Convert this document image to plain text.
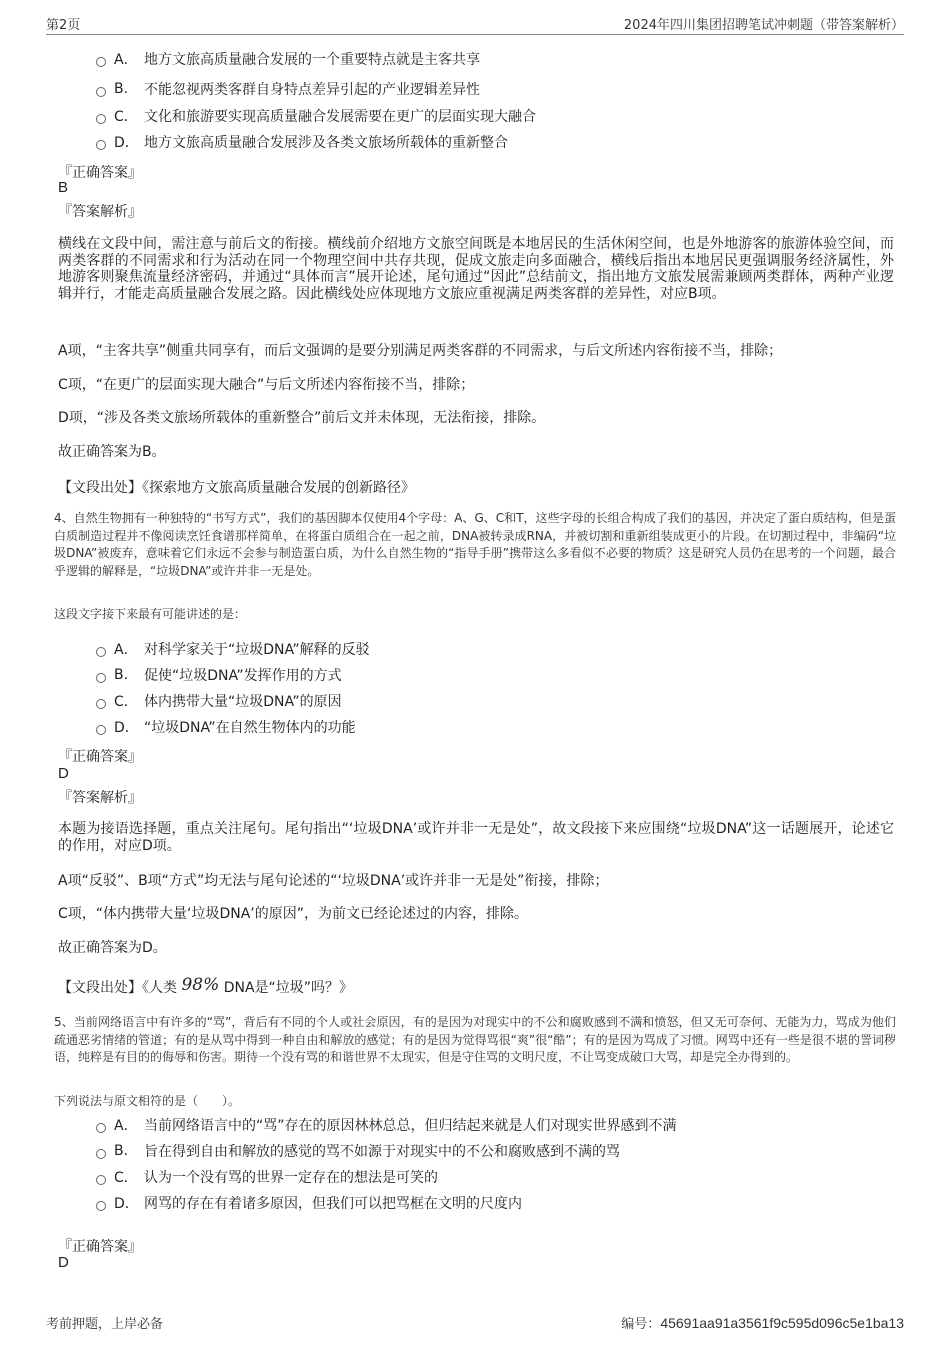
第2页	2024年四川集团招聘笔试冲刺题（带答案解析）
A． 地方文旅高质量融合发展的一个重要特点就是主客共享
B.	不能忽视两类客群自身特点差异引起的产业逻辑差异性
C． 文化和旅游要实现高质量融合发展需要在更广的层面实现大融合
D． 地方文旅高质量融合发展涉及各类文旅场所载体的重新整合
『正确答案』
B
『答案解析』
横线在文段中间，需注意与前后文的衔接。横线前介绍地方文旅空间既是本地居民的生活休闲空间，也是外地游客的旅游体验空间，而两类客群的不同需求和行为活动在同一个物理空间中共存共现，促成文旅走向多面融合，横线后指出本地居民更强调服务经济属性，外地游客则聚焦流量经济密码，并通过“具体而言”展开论述，尾句通过“因此”总结前文，指出地方文旅发展需兼顾两类群体，两种产业逻辑并行，才能走高质量融合发展之路。因此横线处应体现地方文旅应重视满足两类客群的差异性，对应B项。
A项，“主客共享”侧重共同享有，而后文强调的是要分别满足两类客群的不同需求，与后文所述内容衔接不当，排除；
C项，“在更广的层面实现大融合”与后文所述内容衔接不当，排除；
D项，“涉及各类文旅场所载体的重新整合”前后文并未体现，无法衔接，排除。
故正确答案为B。
【文段出处】《探索地方文旅高质量融合发展的创新路径》
4、自然生物拥有一种独特的“书写方式”，我们的基因脚本仅使用4个字母：A、G、C和T，这些字母的长组合构成了我们的基因，并决定了蛋白质结构，但是蛋白质制造过程并不像阅读烹饪食谱那样简单，在将蛋白质组合在一起之前，DNA被转录成RNA，并被切割和重新组装成更小的片段。在切割过程中，非编码“垃圾DNA”被废弃，意味着它们永远不会参与制造蛋白质，为什么自然生物的“指导手册”携带这么多看似不必要的物质？这是研究人员仍在思考的一个问题，最合乎逻辑的解释是，“垃圾DNA”或许并非一无是处。
这段文字接下来最有可能讲述的是：
A． 对科学家关于“垃圾DNA”解释的反驳
B.	促使“垃圾DNA”发挥作用的方式
C． 体内携带大量“垃圾DNA”的原因
D． “垃圾DNA”在自然生物体内的功能
『正确答案』
D
『答案解析』
本题为接语选择题，重点关注尾句。尾句指出“‘垃圾DNA’或许并非一无是处”，故文段接下来应围绕“垃圾DNA”这一话题展开，论述它的作用，对应D项。
A项“反驳”、B项“方式”均无法与尾句论述的“‘垃圾DNA’或许并非一无是处”衔接，排除；
C项，“体内携带大量‘垃圾DNA’的原因”，为前文已经论述过的内容，排除。
故正确答案为D。
【文段出处】《人类 98% DNA是“垃圾”吗？》
5、当前网络语言中有许多的“骂”，背后有不同的个人或社会原因，有的是因为对现实中的不公和腐败感到不满和愤怒，但又无可奈何、无能为力，骂成为他们疏通恶劣情绪的管道；有的是从骂中得到一种自由和解放的感觉；有的是因为觉得骂很“爽”很“酷”；有的是因为骂成了习惯。网骂中还有一些是很不堪的詈词秽语，纯粹是有目的的侮辱和伤害。期待一个没有骂的和谐世界不太现实，但是守住骂的文明尺度，不让骂变成破口大骂，却是完全办得到的。
下列说法与原文相符的是（　　）。
A． 当前网络语言中的“骂”存在的原因林林总总，但归结起来就是人们对现实世界感到不满
B.	旨在得到自由和解放的感觉的骂不如源于对现实中的不公和腐败感到不满的骂
C． 认为一个没有骂的世界一定存在的想法是可笑的
D． 网骂的存在有着诸多原因，但我们可以把骂框在文明的尺度内
『正确答案』
D
考前押题，上岸必备	编号：45691aa91a3561f9c595d096c5e1ba13
